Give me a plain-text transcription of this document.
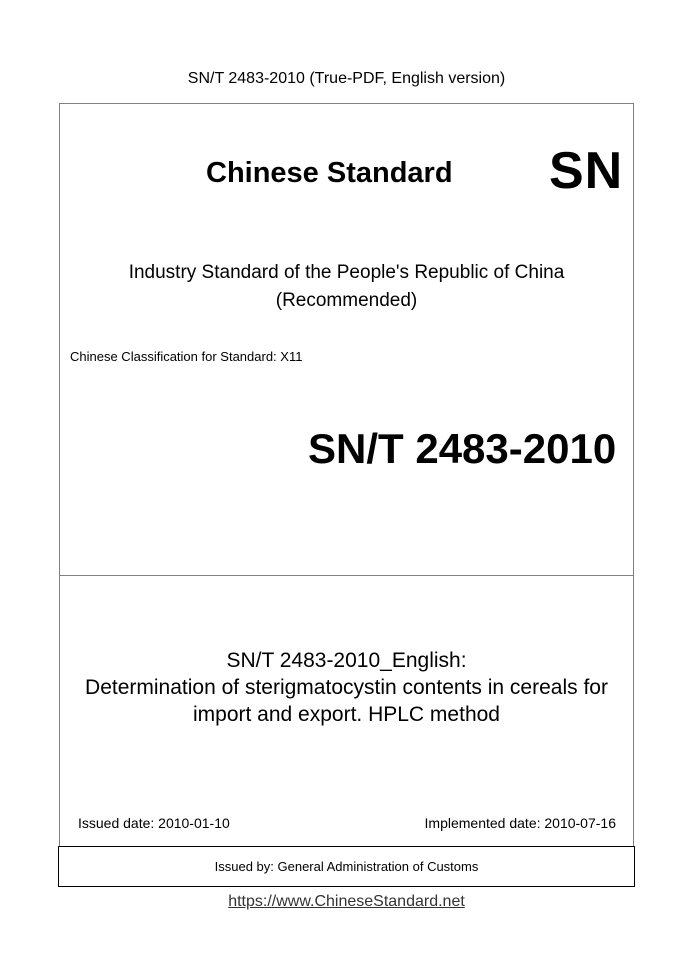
SN/T 2483-2010 (True-PDF, English version)
Chinese Standard SN
Industry Standard of the People's Republic of China
(Recommended)
Chinese Classification for Standard: X11
SN/T 2483-2010
SN/T 2483-2010_English:
Determination of sterigmatocystin contents in cereals for
import and export. HPLC method
Issued date: 2010-01-10	Implemented date: 2010-07-16
Issued by: General Administration of Customs
https://www.ChineseStandard.net
